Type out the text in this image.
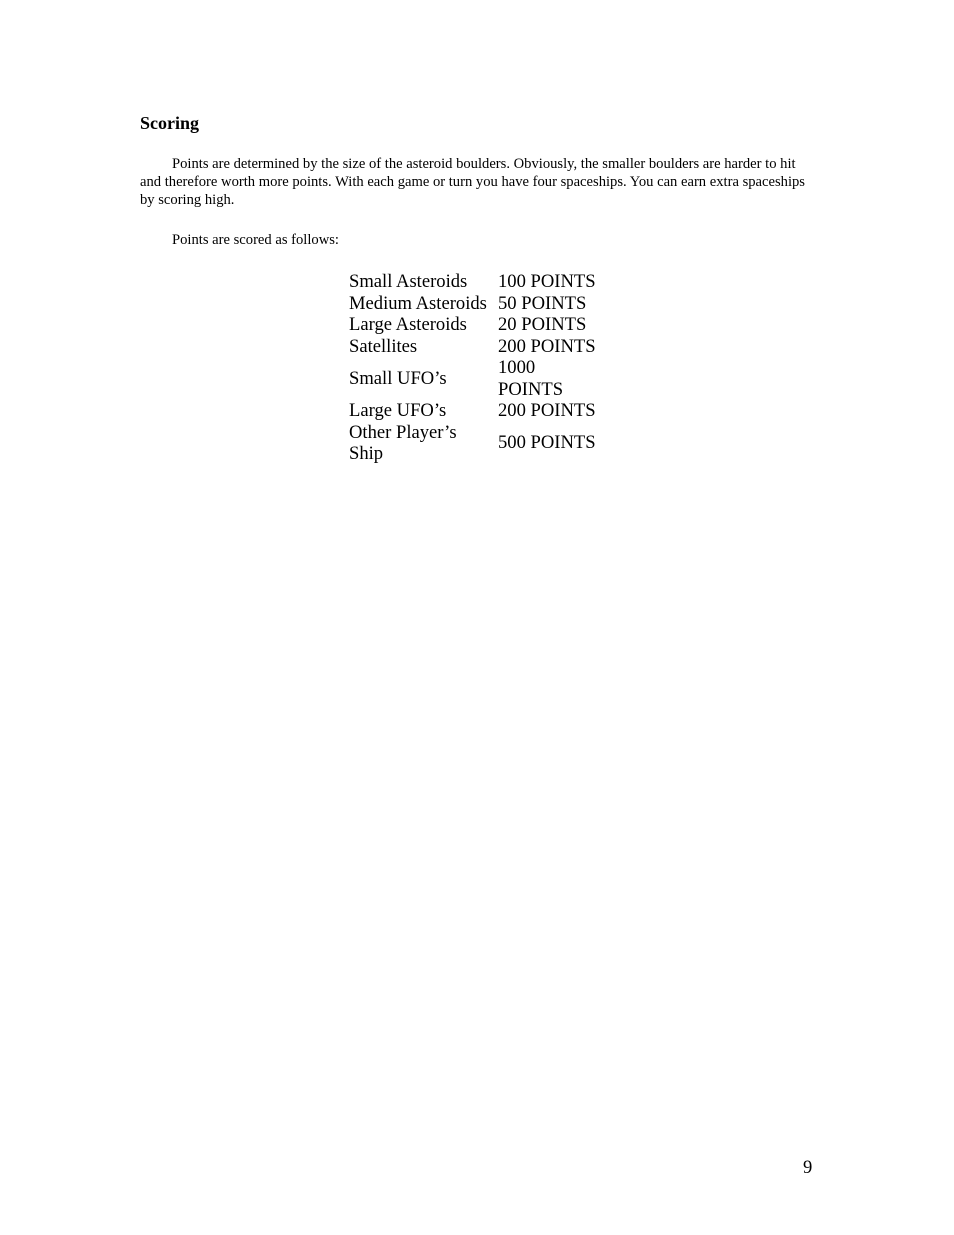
Scoring

Points are determined by the size of the asteroid boulders. Obviously, the smaller boulders are harder to hit and therefore worth more points. With each game or turn you have four spaceships. You can earn extra spaceships by scoring high.

Points are scored as follows:

Small Asteroids	100 POINTS
Medium Asteroids	50 POINTS
Large Asteroids	20 POINTS
Satellites	200 POINTS
Small UFO’s	1000 POINTS
Large UFO’s	200 POINTS
Other Player’s Ship	500 POINTS
9
